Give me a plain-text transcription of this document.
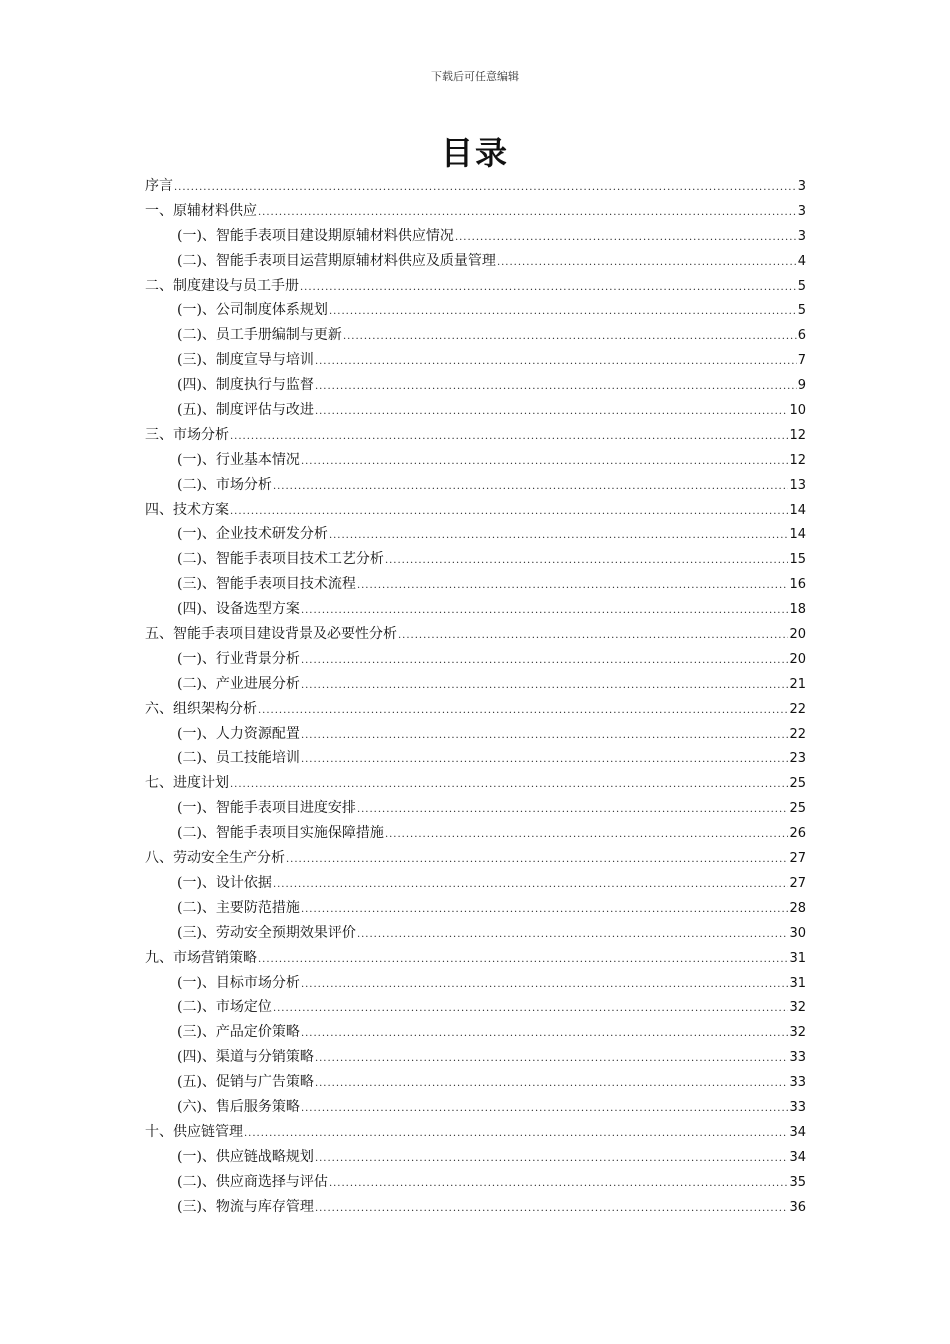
下载后可任意编辑
目录
序言 .....	3
一、原辅材料供应 .....	3
(一)、智能手表项目建设期原辅材料供应情况 .....	3
(二)、智能手表项目运营期原辅材料供应及质量管理 .....	4
二、制度建设与员工手册 .....	5
(一)、公司制度体系规划 .....	5
(二)、员工手册编制与更新 .....	6
(三)、制度宣导与培训 .....	7
(四)、制度执行与监督 .....	9
(五)、制度评估与改进 .....	10
三、市场分析 .....	12
(一)、行业基本情况 .....	12
(二)、市场分析 .....	13
四、技术方案 .....	14
(一)、企业技术研发分析 .....	14
(二)、智能手表项目技术工艺分析 .....	15
(三)、智能手表项目技术流程 .....	16
(四)、设备选型方案 .....	18
五、智能手表项目建设背景及必要性分析 .....	20
(一)、行业背景分析 .....	20
(二)、产业进展分析 .....	21
六、组织架构分析 .....	22
(一)、人力资源配置 .....	22
(二)、员工技能培训 .....	23
七、进度计划 .....	25
(一)、智能手表项目进度安排 .....	25
(二)、智能手表项目实施保障措施 .....	26
八、劳动安全生产分析 .....	27
(一)、设计依据 .....	27
(二)、主要防范措施 .....	28
(三)、劳动安全预期效果评价 .....	30
九、市场营销策略 .....	31
(一)、目标市场分析 .....	31
(二)、市场定位 .....	32
(三)、产品定价策略 .....	32
(四)、渠道与分销策略 .....	33
(五)、促销与广告策略 .....	33
(六)、售后服务策略 .....	33
十、供应链管理 .....	34
(一)、供应链战略规划 .....	34
(二)、供应商选择与评估 .....	35
(三)、物流与库存管理 .....	36
